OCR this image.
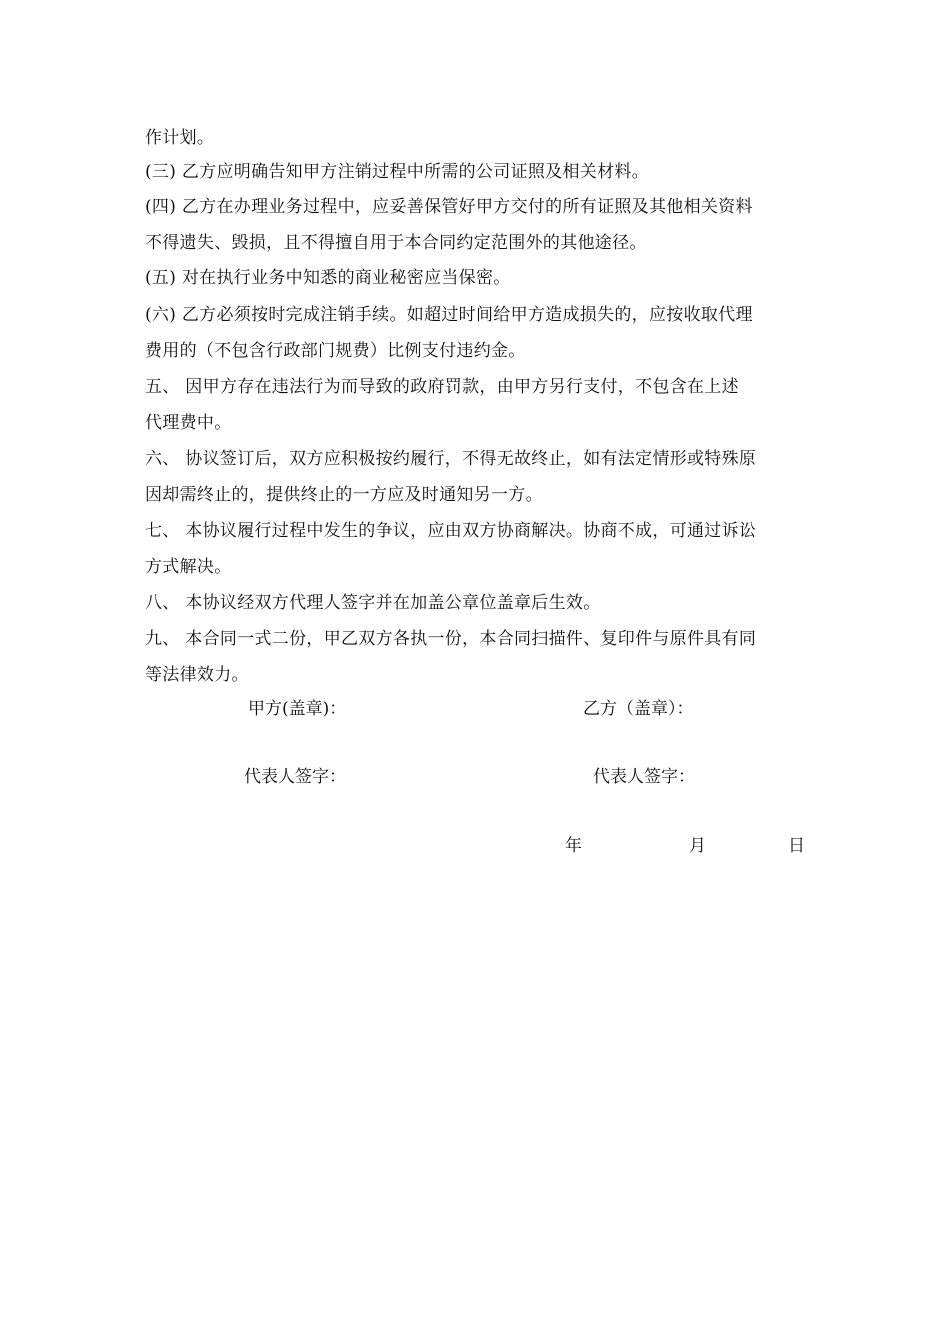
作计划。
(三) 乙方应明确告知甲方注销过程中所需的公司证照及相关材料。
(四) 乙方在办理业务过程中，应妥善保管好甲方交付的所有证照及其他相关资料
不得遗失、毁损，且不得擅自用于本合同约定范围外的其他途径。
(五) 对在执行业务中知悉的商业秘密应当保密。
(六) 乙方必须按时完成注销手续。如超过时间给甲方造成损失的，应按收取代理
费用的（不包含行政部门规费）比例支付违约金。
五、 因甲方存在违法行为而导致的政府罚款，由甲方另行支付，不包含在上述
代理费中。
六、 协议签订后，双方应积极按约履行，不得无故终止，如有法定情形或特殊原
因却需终止的，提供终止的一方应及时通知另一方。
七、 本协议履行过程中发生的争议，应由双方协商解决。协商不成，可通过诉讼
方式解决。
八、 本协议经双方代理人签字并在加盖公章位盖章后生效。
九、 本合同一式二份，甲乙双方各执一份，本合同扫描件、复印件与原件具有同
等法律效力。
甲方(盖章)：	乙方（盖章）：
代表人签字：	代表人签字：
年	月	日
